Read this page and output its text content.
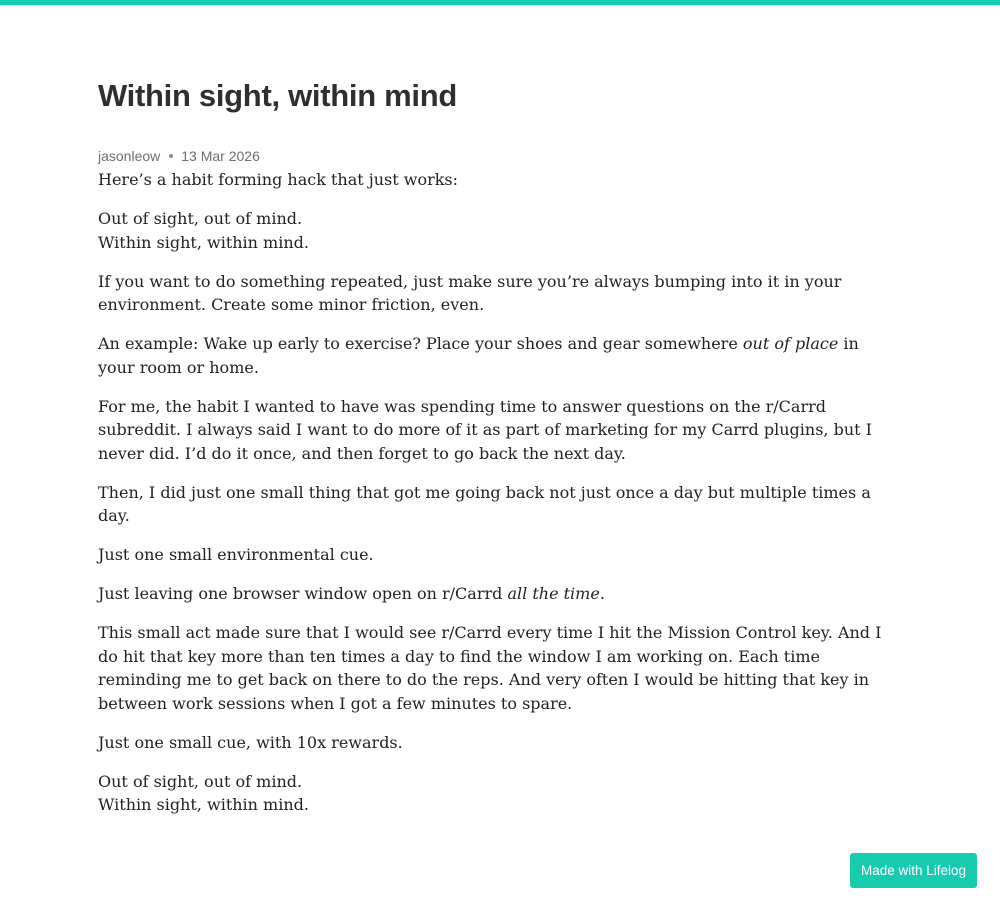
Within sight, within mind
jasonleow 13 Mar 2026

Here’s a habit forming hack that just works:

Out of sight, out of mind.
Within sight, within mind.

If you want to do something repeated, just make sure you’re always bumping into it in your environment. Create some minor friction, even.

An example: Wake up early to exercise? Place your shoes and gear somewhere out of place in your room or home.

For me, the habit I wanted to have was spending time to answer questions on the r/Carrd subreddit. I always said I want to do more of it as part of marketing for my Carrd plugins, but I never did. I’d do it once, and then forget to go back the next day.

Then, I did just one small thing that got me going back not just once a day but multiple times a day.

Just one small environmental cue.

Just leaving one browser window open on r/Carrd all the time.

This small act made sure that I would see r/Carrd every time I hit the Mission Control key. And I do hit that key more than ten times a day to find the window I am working on. Each time reminding me to get back on there to do the reps. And very often I would be hitting that key in between work sessions when I got a few minutes to spare.

Just one small cue, with 10x rewards.

Out of sight, out of mind.
Within sight, within mind.

Made with Lifelog
